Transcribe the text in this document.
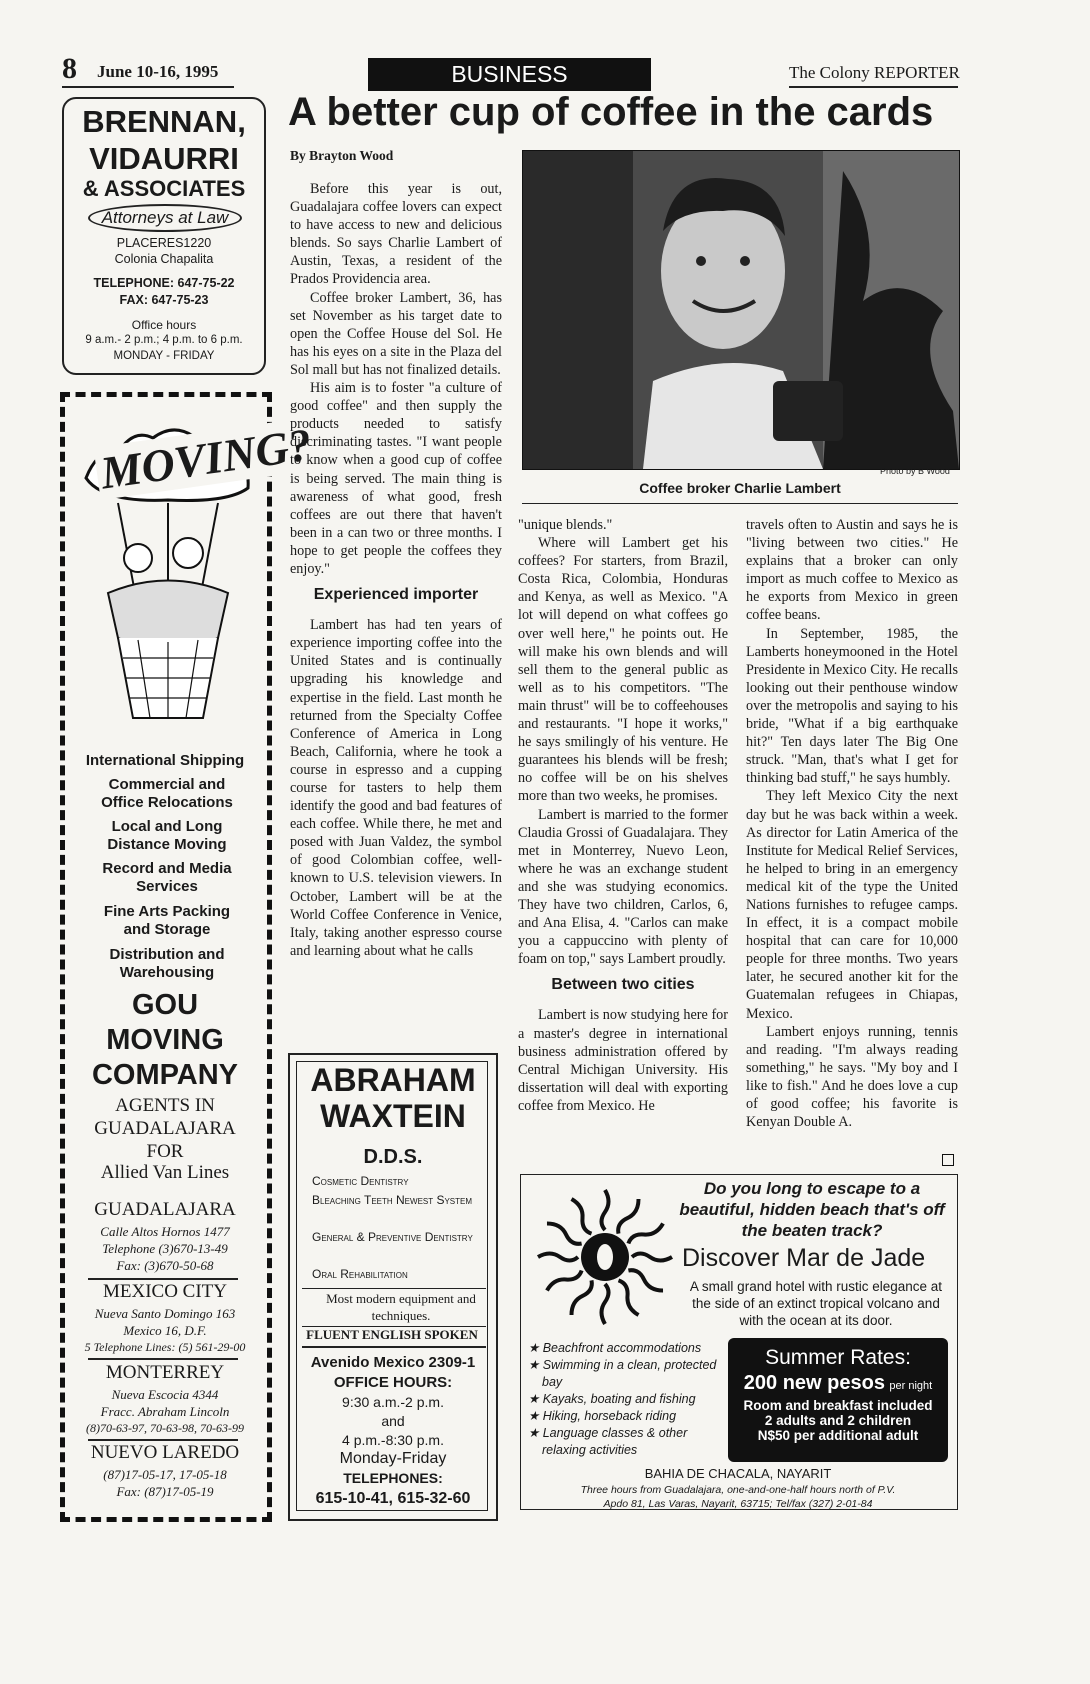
8 June 10-16, 1995	BUSINESS	The Colony REPORTER
BRENNAN,
VIDAURRI
& ASSOCIATES
Attorneys at Law
PLACERES1220
Colonia Chapalita
TELEPHONE: 647-75-22
FAX: 647-75-23
Office hours
9 a.m.- 2 p.m.; 4 p.m. to 6 p.m.
MONDAY - FRIDAY
MOVING?
International Shipping
Commercial and Office Relocations
Local and Long Distance Moving
Record and Media Services
Fine Arts Packing and Storage
Distribution and Warehousing
GOU MOVING COMPANY
AGENTS IN GUADALAJARA FOR
Allied Van Lines
GUADALAJARA
Calle Altos Hornos 1477
Telephone (3)670-13-49
Fax: (3)670-50-68
MEXICO CITY
Nueva Santo Domingo 163
Mexico 16, D.F.
5 Telephone Lines: (5) 561-29-00
MONTERREY
Nueva Escocia 4344
Fracc. Abraham Lincoln
(8)70-63-97, 70-63-98, 70-63-99
NUEVO LAREDO
(87)17-05-17, 17-05-18
Fax: (87)17-05-19
A better cup of coffee in the cards
By Brayton Wood

Before this year is out, Guadalajara coffee lovers can expect to have access to new and delicious blends. So says Charlie Lambert of Austin, Texas, a resident of the Prados Providencia area.

Coffee broker Lambert, 36, has set November as his target date to open the Coffee House del Sol. He has his eyes on a site in the Plaza del Sol mall but has not finalized details.

His aim is to foster "a culture of good coffee" and then supply the products needed to satisfy discriminating tastes. "I want people to know when a good cup of coffee is being served. The main thing is awareness of what good, fresh coffees are out there that haven't been in a can two or three months. I hope to get people the coffees they enjoy."

Experienced importer

Lambert has had ten years of experience importing coffee into the United States and is continually upgrading his knowledge and expertise in the field. Last month he returned from the Specialty Coffee Conference of America in Long Beach, California, where he took a course in espresso and a cupping course for tasters to help them identify the good and bad features of each coffee. While there, he met and posed with Juan Valdez, the symbol of good Colombian coffee, well-known to U.S. television viewers. In October, Lambert will be at the World Coffee Conference in Venice, Italy, taking another espresso course and learning about what he calls

Photo by B Wood
Coffee broker Charlie Lambert

"unique blends."

Where will Lambert get his coffees? For starters, from Brazil, Costa Rica, Colombia, Honduras and Kenya, as well as Mexico. "A lot will depend on what coffees go over well here," he points out. He will make his own blends and will sell them to the general public as well as to his competitors. "The main thrust" will be to coffeehouses and restaurants. "I hope it works," he says smilingly of his venture. He guarantees his blends will be fresh; no coffee will be on his shelves more than two weeks, he promises.

Lambert is married to the former Claudia Grossi of Guadalajara. They met in Monterrey, Nuevo Leon, where he was an exchange student and she was studying economics. They have two children, Carlos, 6, and Ana Elisa, 4. "Carlos can make you a cappuccino with plenty of foam on top," says Lambert proudly.

Between two cities

Lambert is now studying here for a master's degree in international business administration offered by Central Michigan University. His dissertation will deal with exporting coffee from Mexico. He

travels often to Austin and says he is "living between two cities." He explains that a broker can only import as much coffee to Mexico as he exports from Mexico in green coffee beans.

In September, 1985, the Lamberts honeymooned in the Hotel Presidente in Mexico City. He recalls looking out their penthouse window over the metropolis and saying to his bride, "What if a big earthquake hit?" Ten days later The Big One struck. "Man, that's what I get for thinking bad stuff," he says humbly.

They left Mexico City the next day but he was back within a week. As director for Latin America of the Institute for Medical Relief Services, he helped to bring in an emergency medical kit of the type the United Nations furnishes to refugee camps. In effect, it is a compact mobile hospital that can care for 10,000 people for three months. Two years later, he secured another kit for the Guatemalan refugees in Chiapas, Mexico.

Lambert enjoys running, tennis and reading. "I'm always reading something," he says. "My boy and I like to fish." And he does love a cup of good coffee; his favorite is Kenyan Double A.

ABRAHAM
WAXTEIN
D.D.S.
Cosmetic Dentistry
Bleaching Teeth Newest System
General & Preventive Dentistry
Oral Rehabilitation
Most modern equipment and techniques.
FLUENT ENGLISH SPOKEN
Avenido Mexico 2309-1
OFFICE HOURS:
9:30 a.m.-2 p.m.
and
4 p.m.-8:30 p.m.
Monday-Friday
TELEPHONES:
615-10-41, 615-32-60
Do you long to escape to a beautiful, hidden beach that's off the beaten track?
Discover Mar de Jade
A small grand hotel with rustic elegance at the side of an extinct tropical volcano and with the ocean at its door.
★ Beachfront accommodations
★ Swimming in a clean, protected bay
★ Kayaks, boating and fishing
★ Hiking, horseback riding
★ Language classes & other relaxing activities
Summer Rates:
200 new pesos per night
Room and breakfast included
2 adults and 2 children
N$50 per additional adult
BAHIA DE CHACALA, NAYARIT
Three hours from Guadalajara, one-and-one-half hours north of P.V.
Apdo 81, Las Varas, Nayarit, 63715; Tel/fax (327) 2-01-84
